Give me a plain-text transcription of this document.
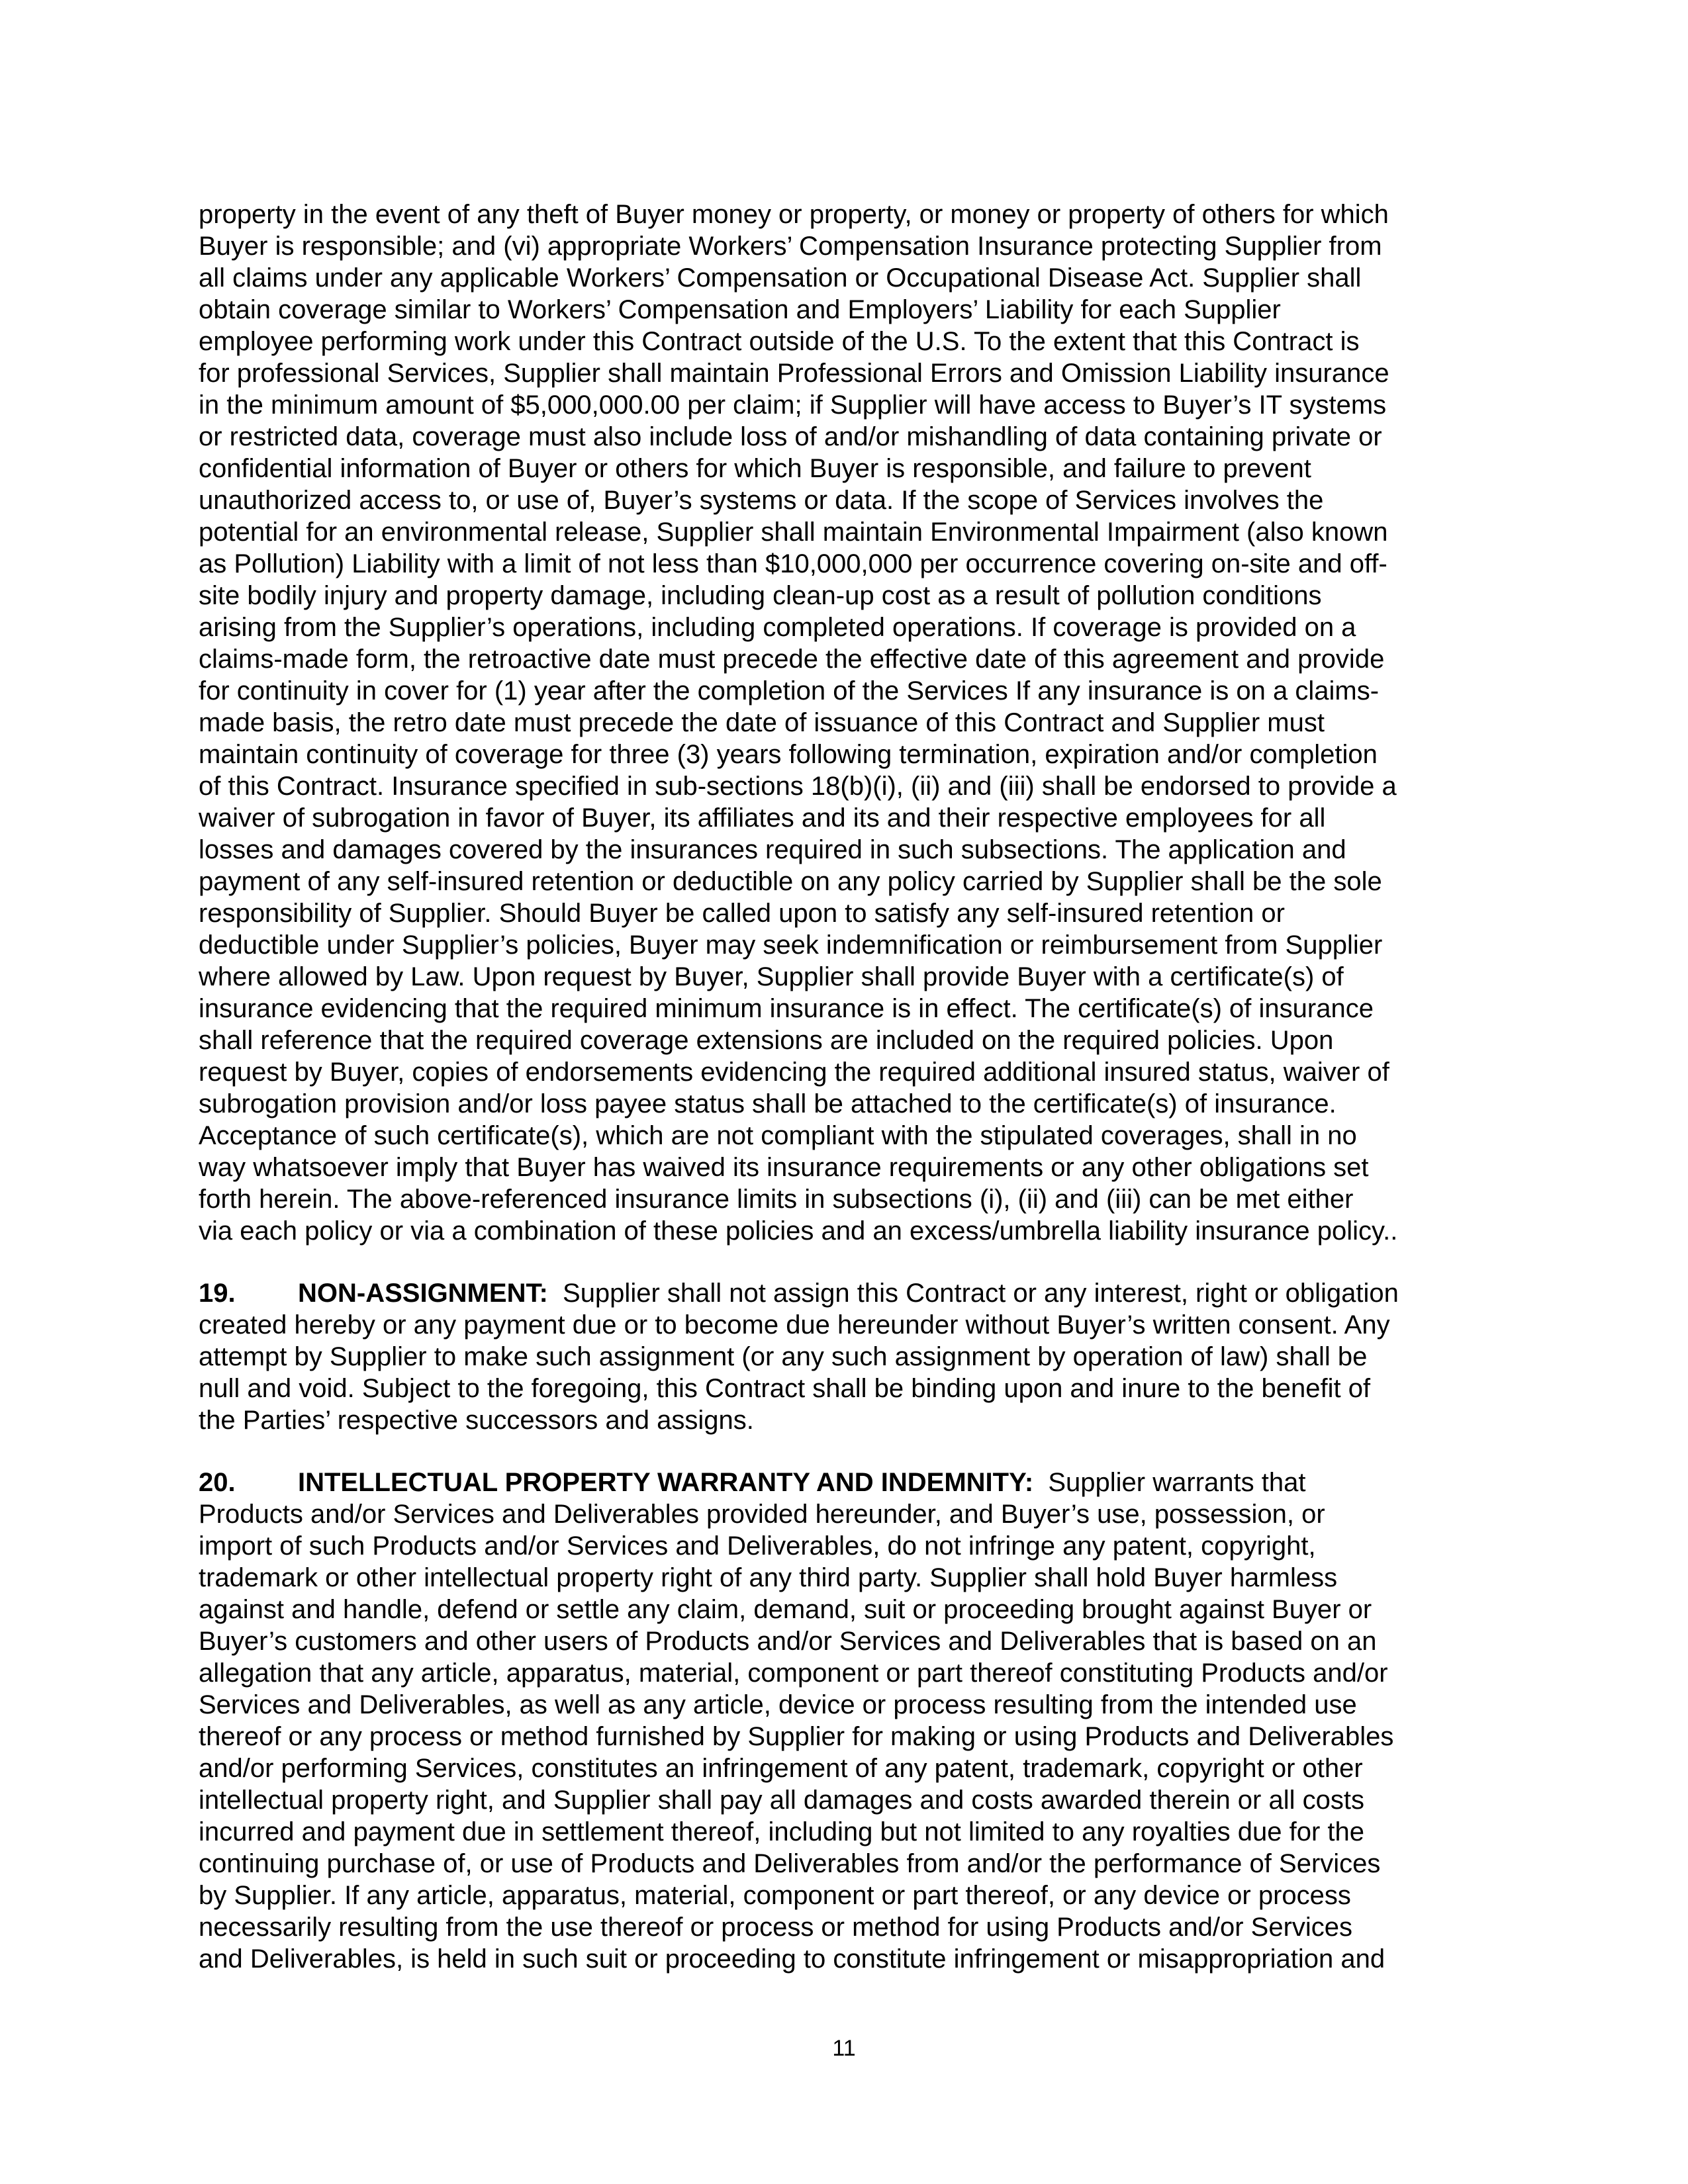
property in the event of any theft of Buyer money or property, or money or property of others for which
Buyer is responsible; and (vi) appropriate Workers’ Compensation Insurance protecting Supplier from
all claims under any applicable Workers’ Compensation or Occupational Disease Act. Supplier shall
obtain coverage similar to Workers’ Compensation and Employers’ Liability for each Supplier
employee performing work under this Contract outside of the U.S. To the extent that this Contract is
for professional Services, Supplier shall maintain Professional Errors and Omission Liability insurance
in the minimum amount of $5,000,000.00 per claim; if Supplier will have access to Buyer’s IT systems
or restricted data, coverage must also include loss of and/or mishandling of data containing private or
confidential information of Buyer or others for which Buyer is responsible, and failure to prevent
unauthorized access to, or use of, Buyer’s systems or data. If the scope of Services involves the
potential for an environmental release, Supplier shall maintain Environmental Impairment (also known
as Pollution) Liability with a limit of not less than $10,000,000 per occurrence covering on-site and off-
site bodily injury and property damage, including clean-up cost as a result of pollution conditions
arising from the Supplier’s operations, including completed operations. If coverage is provided on a
claims-made form, the retroactive date must precede the effective date of this agreement and provide
for continuity in cover for (1) year after the completion of the Services If any insurance is on a claims-
made basis, the retro date must precede the date of issuance of this Contract and Supplier must
maintain continuity of coverage for three (3) years following termination, expiration and/or completion
of this Contract. Insurance specified in sub-sections 18(b)(i), (ii) and (iii) shall be endorsed to provide a
waiver of subrogation in favor of Buyer, its affiliates and its and their respective employees for all
losses and damages covered by the insurances required in such subsections. The application and
payment of any self-insured retention or deductible on any policy carried by Supplier shall be the sole
responsibility of Supplier. Should Buyer be called upon to satisfy any self-insured retention or
deductible under Supplier’s policies, Buyer may seek indemnification or reimbursement from Supplier
where allowed by Law. Upon request by Buyer, Supplier shall provide Buyer with a certificate(s) of
insurance evidencing that the required minimum insurance is in effect. The certificate(s) of insurance
shall reference that the required coverage extensions are included on the required policies. Upon
request by Buyer, copies of endorsements evidencing the required additional insured status, waiver of
subrogation provision and/or loss payee status shall be attached to the certificate(s) of insurance.
Acceptance of such certificate(s), which are not compliant with the stipulated coverages, shall in no
way whatsoever imply that Buyer has waived its insurance requirements or any other obligations set
forth herein. The above-referenced insurance limits in subsections (i), (ii) and (iii) can be met either
via each policy or via a combination of these policies and an excess/umbrella liability insurance policy..
19. NON-ASSIGNMENT:  Supplier shall not assign this Contract or any interest, right or obligation
created hereby or any payment due or to become due hereunder without Buyer’s written consent. Any
attempt by Supplier to make such assignment (or any such assignment by operation of law) shall be
null and void. Subject to the foregoing, this Contract shall be binding upon and inure to the benefit of
the Parties’ respective successors and assigns.
20. INTELLECTUAL PROPERTY WARRANTY AND INDEMNITY:  Supplier warrants that
Products and/or Services and Deliverables provided hereunder, and Buyer’s use, possession, or
import of such Products and/or Services and Deliverables, do not infringe any patent, copyright,
trademark or other intellectual property right of any third party. Supplier shall hold Buyer harmless
against and handle, defend or settle any claim, demand, suit or proceeding brought against Buyer or
Buyer’s customers and other users of Products and/or Services and Deliverables that is based on an
allegation that any article, apparatus, material, component or part thereof constituting Products and/or
Services and Deliverables, as well as any article, device or process resulting from the intended use
thereof or any process or method furnished by Supplier for making or using Products and Deliverables
and/or performing Services, constitutes an infringement of any patent, trademark, copyright or other
intellectual property right, and Supplier shall pay all damages and costs awarded therein or all costs
incurred and payment due in settlement thereof, including but not limited to any royalties due for the
continuing purchase of, or use of Products and Deliverables from and/or the performance of Services
by Supplier. If any article, apparatus, material, component or part thereof, or any device or process
necessarily resulting from the use thereof or process or method for using Products and/or Services
and Deliverables, is held in such suit or proceeding to constitute infringement or misappropriation and
11
